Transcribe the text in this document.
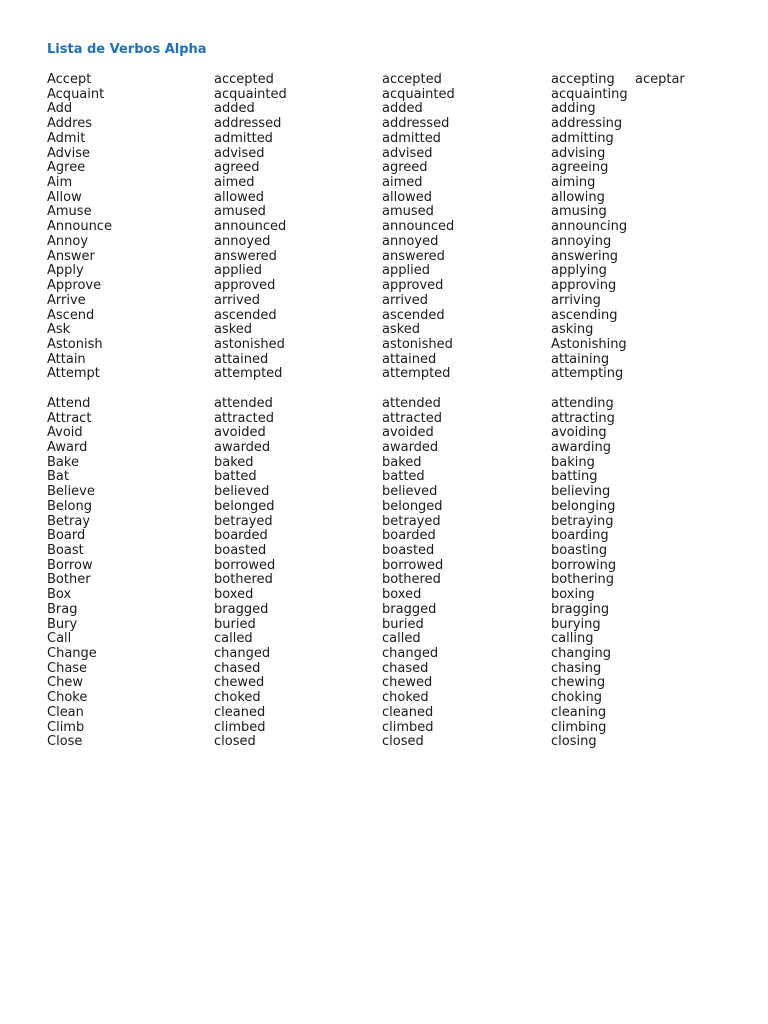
Lista de Verbos Alpha
Accept	accepted	accepted	accepting aceptar
Acquaint	acquainted	acquainted	acquainting
Add	added	added	adding
Addres	addressed	addressed	addressing
Admit	admitted	admitted	admitting
Advise	advised	advised	advising
Agree	agreed	agreed	agreeing
Aim	aimed	aimed	aiming
Allow	allowed	allowed	allowing
Amuse	amused	amused	amusing
Announce	announced	announced	announcing
Annoy	annoyed	annoyed	annoying
Answer	answered	answered	answering
Apply	applied	applied	applying
Approve	approved	approved	approving
Arrive	arrived	arrived	arriving
Ascend	ascended	ascended	ascending
Ask	asked	asked	asking
Astonish	astonished	astonished	Astonishing
Attain	attained	attained	attaining
Attempt	attempted	attempted	attempting
Attend	attended	attended	attending
Attract	attracted	attracted	attracting
Avoid	avoided	avoided	avoiding
Award	awarded	awarded	awarding
Bake	baked	baked	baking
Bat	batted	batted	batting
Believe	believed	believed	believing
Belong	belonged	belonged	belonging
Betray	betrayed	betrayed	betraying
Board	boarded	boarded	boarding
Boast	boasted	boasted	boasting
Borrow	borrowed	borrowed	borrowing
Bother	bothered	bothered	bothering
Box	boxed	boxed	boxing
Brag	bragged	bragged	bragging
Bury	buried	buried	burying
Call	called	called	calling
Change	changed	changed	changing
Chase	chased	chased	chasing
Chew	chewed	chewed	chewing
Choke	choked	choked	choking
Clean	cleaned	cleaned	cleaning
Climb	climbed	climbed	climbing
Close	closed	closed	closing
